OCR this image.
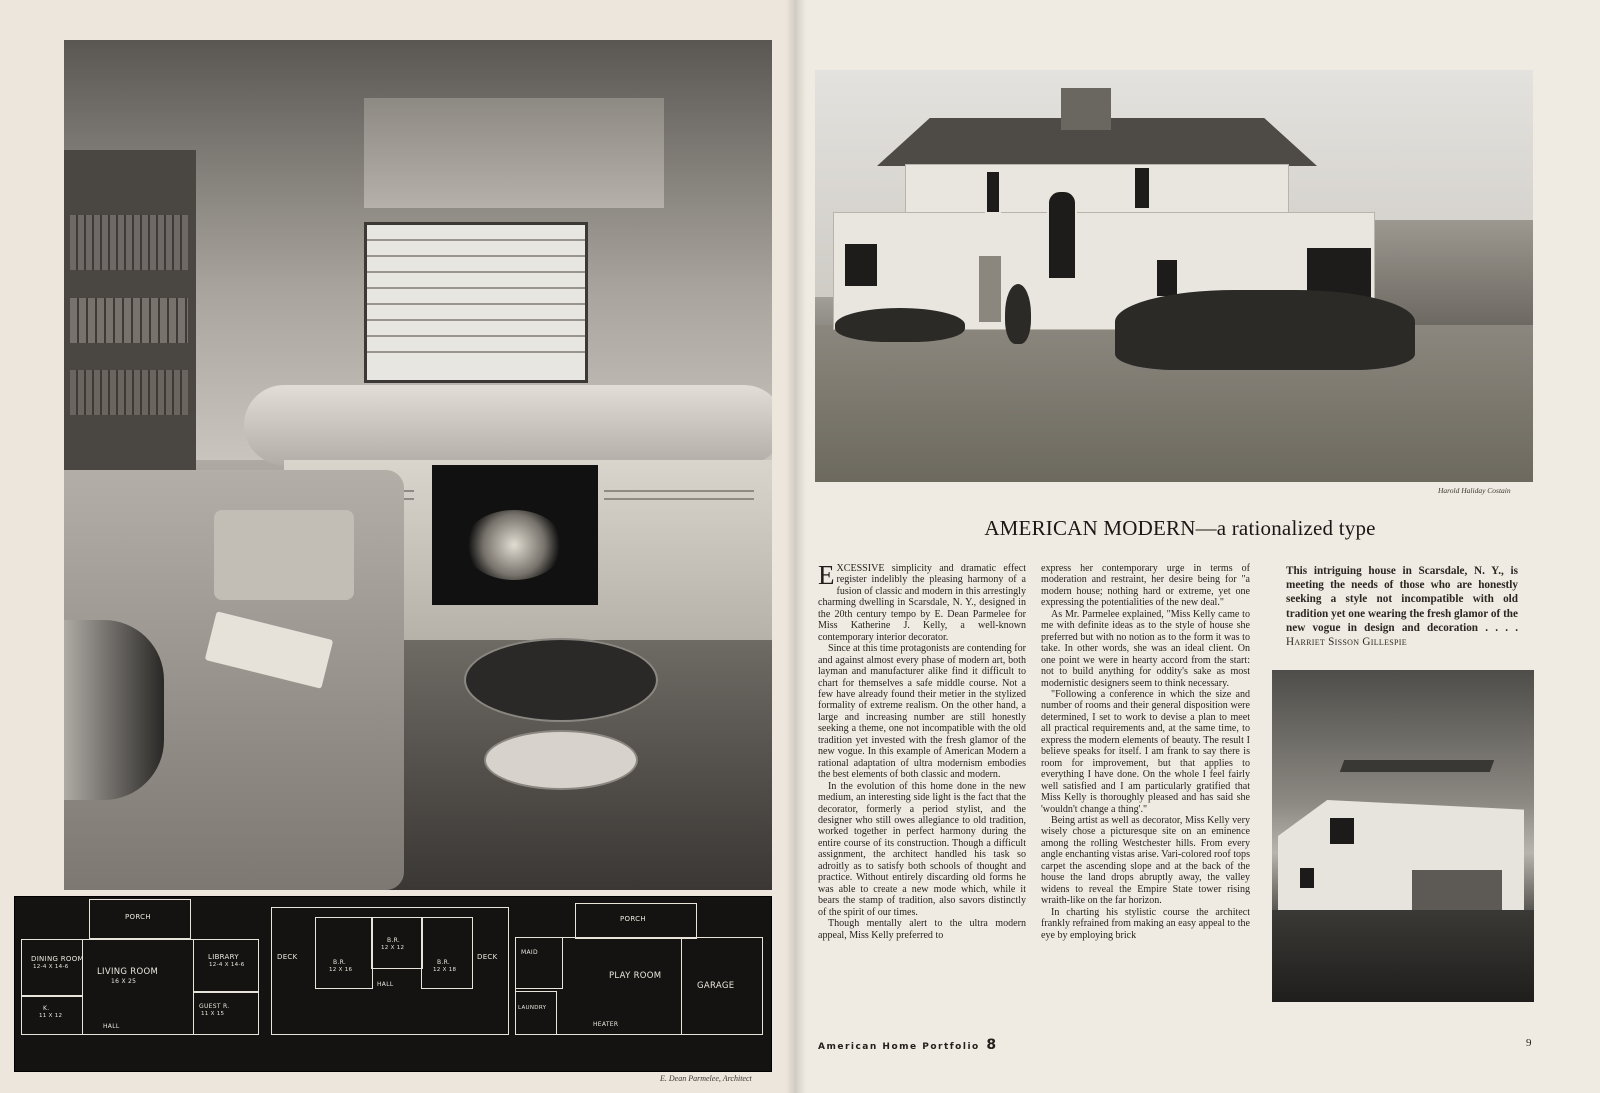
PORCH
DINING ROOM
12-4 X 14-6	LIVING ROOM
16 X 25
LIBRARY
12-4 X 14-6
GUEST R.
11 X 15
K.
11 X 12
HALL
DECK	DECK
B.R.
12 X 16
B.R.
12 X 12
B.R.
12 X 18
HALL
PORCH
MAID
PLAY ROOM
GARAGE
LAUNDRY
HEATER
E. Dean Parmelee, Architect
Harold Haliday Costain
AMERICAN MODERN—a rationalized type

EXCESSIVE simplicity and dramatic effect register indelibly the pleasing harmony of a fusion of classic and modern in this arrestingly charming dwelling in Scarsdale, N. Y., designed in the 20th century tempo by E. Dean Parmelee for Miss Katherine J. Kelly, a well-known contemporary interior decorator.

Since at this time protagonists are contending for and against almost every phase of modern art, both layman and manufacturer alike find it difficult to chart for themselves a safe middle course. Not a few have already found their metier in the stylized formality of extreme realism. On the other hand, a large and increasing number are still honestly seeking a theme, one not incompatible with the old tradition yet invested with the fresh glamor of the new vogue. In this example of American Modern a rational adaptation of ultra modernism embodies the best elements of both classic and modern.

In the evolution of this home done in the new medium, an interesting side light is the fact that the decorator, formerly a period stylist, and the designer who still owes allegiance to old tradition, worked together in perfect harmony during the entire course of its construction. Though a difficult assignment, the architect handled his task so adroitly as to satisfy both schools of thought and practice. Without entirely discarding old forms he was able to create a new mode which, while it bears the stamp of tradition, also savors distinctly of the spirit of our times.

Though mentally alert to the ultra modern appeal, Miss Kelly preferred to

express her contemporary urge in terms of moderation and restraint, her desire being for "a modern house; nothing hard or extreme, yet one expressing the potentialities of the new deal."

As Mr. Parmelee explained, "Miss Kelly came to me with definite ideas as to the style of house she preferred but with no notion as to the form it was to take. In other words, she was an ideal client. On one point we were in hearty accord from the start: not to build anything for oddity's sake as most modernistic designers seem to think necessary.

"Following a conference in which the size and number of rooms and their general disposition were determined, I set to work to devise a plan to meet all practical requirements and, at the same time, to express the modern elements of beauty. The result I believe speaks for itself. I am frank to say there is room for improvement, but that applies to everything I have done. On the whole I feel fairly well satisfied and I am particularly gratified that Miss Kelly is thoroughly pleased and has said she 'wouldn't change a thing'."

Being artist as well as decorator, Miss Kelly very wisely chose a picturesque site on an eminence among the rolling Westchester hills. From every angle enchanting vistas arise. Vari-colored roof tops carpet the ascending slope and at the back of the house the land drops abruptly away, the valley widens to reveal the Empire State tower rising wraith-like on the far horizon.

In charting his stylistic course the architect frankly refrained from making an easy appeal to the eye by employing brick

This intriguing house in Scarsdale, N. Y., is meeting the needs of those who are honestly seeking a style not incompatible with old tradition yet one wearing the fresh glamor of the new vogue in design and decoration . . . . Harriet Sisson Gillespie
American Home Portfolio 8	9
